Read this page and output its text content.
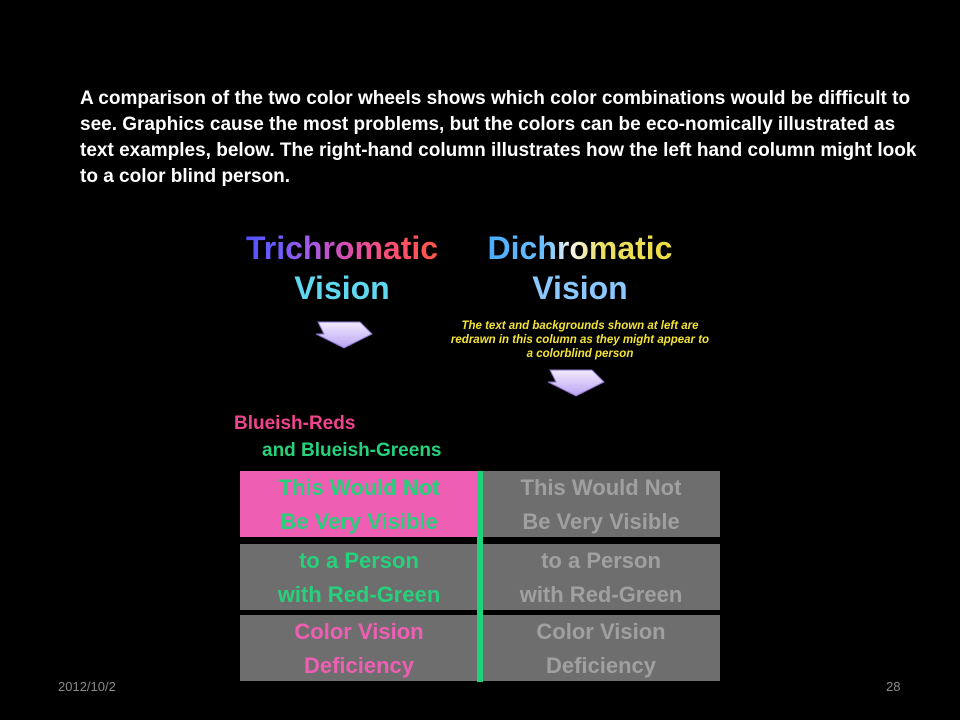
A comparison of the two color wheels shows which color combinations would be difficult to see. Graphics cause the most problems, but the colors can be eco-nomically illustrated as text examples, below. The right-hand column illustrates how the left hand column might look to a color blind person.
Trichromatic
Vision
Dichromatic
Vision
The text and backgrounds shown at left are redrawn in this column as they might appear to a colorblind person
Blueish-Reds
and Blueish-Greens
This Would Not
Be Very Visible
This Would Not
Be Very Visible
to a Person
with Red-Green
to a Person
with Red-Green
Color Vision
Deficiency
Color Vision
Deficiency
2012/10/2	28
